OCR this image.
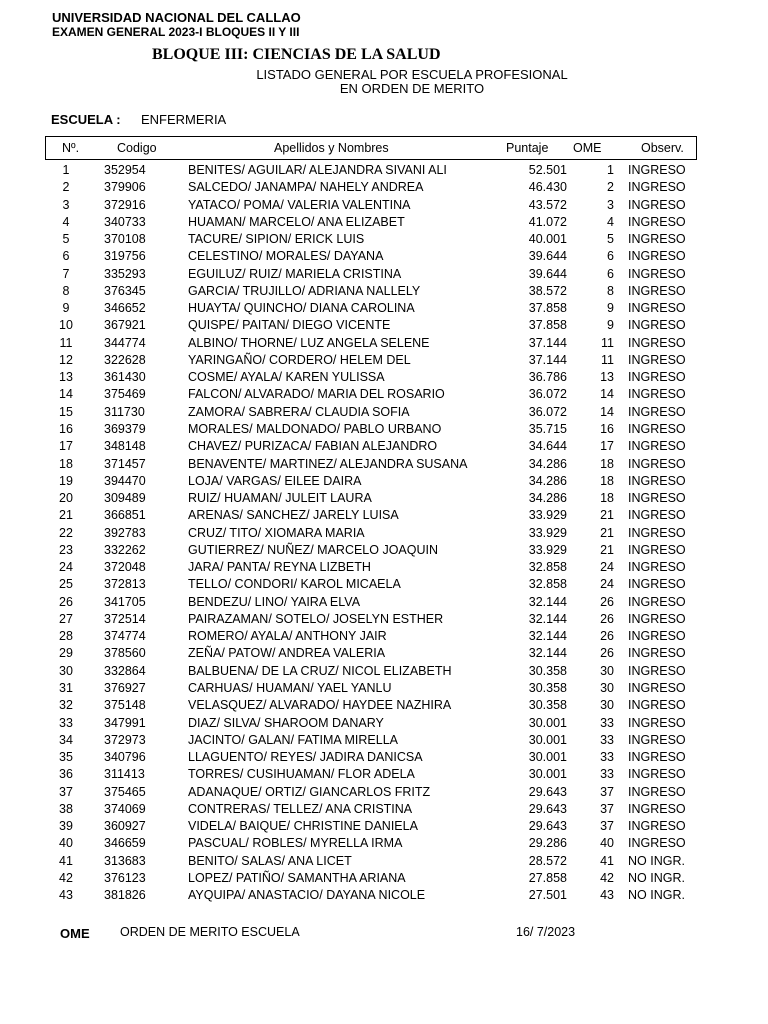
UNIVERSIDAD NACIONAL DEL CALLAO
EXAMEN GENERAL 2023-I BLOQUES II Y III
BLOQUE III: CIENCIAS DE LA SALUD
LISTADO GENERAL POR ESCUELA PROFESIONAL
EN ORDEN DE MERITO
ESCUELA : ENFERMERIA
Nº.	Codigo	Apellidos y Nombres	Puntaje OME	Observ.
1	352954	BENITES/ AGUILAR/ ALEJANDRA SIVANI ALI	52.501	1 INGRESO
2	379906	SALCEDO/ JANAMPA/ NAHELY ANDREA	46.430	2 INGRESO
3	372916	YATACO/ POMA/ VALERIA VALENTINA	43.572	3 INGRESO
4	340733	HUAMAN/ MARCELO/ ANA ELIZABET	41.072	4 INGRESO
5	370108	TACURE/ SIPION/ ERICK LUIS	40.001	5 INGRESO
6	319756	CELESTINO/ MORALES/ DAYANA	39.644	6 INGRESO
7	335293	EGUILUZ/ RUIZ/ MARIELA CRISTINA	39.644	6 INGRESO
8	376345	GARCIA/ TRUJILLO/ ADRIANA NALLELY	38.572	8 INGRESO
9	346652	HUAYTA/ QUINCHO/ DIANA CAROLINA	37.858	9 INGRESO
10	367921	QUISPE/ PAITAN/ DIEGO VICENTE	37.858	9 INGRESO
11	344774	ALBINO/ THORNE/ LUZ ANGELA SELENE	37.144	11 INGRESO
12	322628	YARINGAÑO/ CORDERO/ HELEM DEL	37.144	11 INGRESO
13	361430	COSME/ AYALA/ KAREN YULISSA	36.786	13 INGRESO
14	375469	FALCON/ ALVARADO/ MARIA DEL ROSARIO	36.072	14 INGRESO
15	311730	ZAMORA/ SABRERA/ CLAUDIA SOFIA	36.072	14 INGRESO
16	369379	MORALES/ MALDONADO/ PABLO URBANO	35.715	16 INGRESO
17	348148	CHAVEZ/ PURIZACA/ FABIAN ALEJANDRO	34.644	17 INGRESO
18	371457	BENAVENTE/ MARTINEZ/ ALEJANDRA SUSANA	34.286	18 INGRESO
19	394470	LOJA/ VARGAS/ EILEE DAIRA	34.286	18 INGRESO
20	309489	RUIZ/ HUAMAN/ JULEIT LAURA	34.286	18 INGRESO
21	366851	ARENAS/ SANCHEZ/ JARELY LUISA	33.929	21 INGRESO
22	392783	CRUZ/ TITO/ XIOMARA MARIA	33.929	21 INGRESO
23	332262	GUTIERREZ/ NUÑEZ/ MARCELO JOAQUIN	33.929	21 INGRESO
24	372048	JARA/ PANTA/ REYNA LIZBETH	32.858	24 INGRESO
25	372813	TELLO/ CONDORI/ KAROL MICAELA	32.858	24 INGRESO
26	341705	BENDEZU/ LINO/ YAIRA ELVA	32.144	26 INGRESO
27	372514	PAIRAZAMAN/ SOTELO/ JOSELYN ESTHER	32.144	26 INGRESO
28	374774	ROMERO/ AYALA/ ANTHONY JAIR	32.144	26 INGRESO
29	378560	ZEÑA/ PATOW/ ANDREA VALERIA	32.144	26 INGRESO
30	332864	BALBUENA/ DE LA CRUZ/ NICOL ELIZABETH	30.358	30 INGRESO
31	376927	CARHUAS/ HUAMAN/ YAEL YANLU	30.358	30 INGRESO
32	375148	VELASQUEZ/ ALVARADO/ HAYDEE NAZHIRA	30.358	30 INGRESO
33	347991	DIAZ/ SILVA/ SHAROOM DANARY	30.001	33 INGRESO
34	372973	JACINTO/ GALAN/ FATIMA MIRELLA	30.001	33 INGRESO
35	340796	LLAGUENTO/ REYES/ JADIRA DANICSA	30.001	33 INGRESO
36	311413	TORRES/ CUSIHUAMAN/ FLOR ADELA	30.001	33 INGRESO
37	375465	ADANAQUE/ ORTIZ/ GIANCARLOS FRITZ	29.643	37 INGRESO
38	374069	CONTRERAS/ TELLEZ/ ANA CRISTINA	29.643	37 INGRESO
39	360927	VIDELA/ BAIQUE/ CHRISTINE DANIELA	29.643	37 INGRESO
40	346659	PASCUAL/ ROBLES/ MYRELLA IRMA	29.286	40 INGRESO
41	313683	BENITO/ SALAS/ ANA LICET	28.572	41 NO INGR.
42	376123	LOPEZ/ PATIÑO/ SAMANTHA ARIANA	27.858	42 NO INGR.
43	381826	AYQUIPA/ ANASTACIO/ DAYANA NICOLE	27.501	43 NO INGR.
OME ORDEN DE MERITO ESCUELA	16/ 7/2023
